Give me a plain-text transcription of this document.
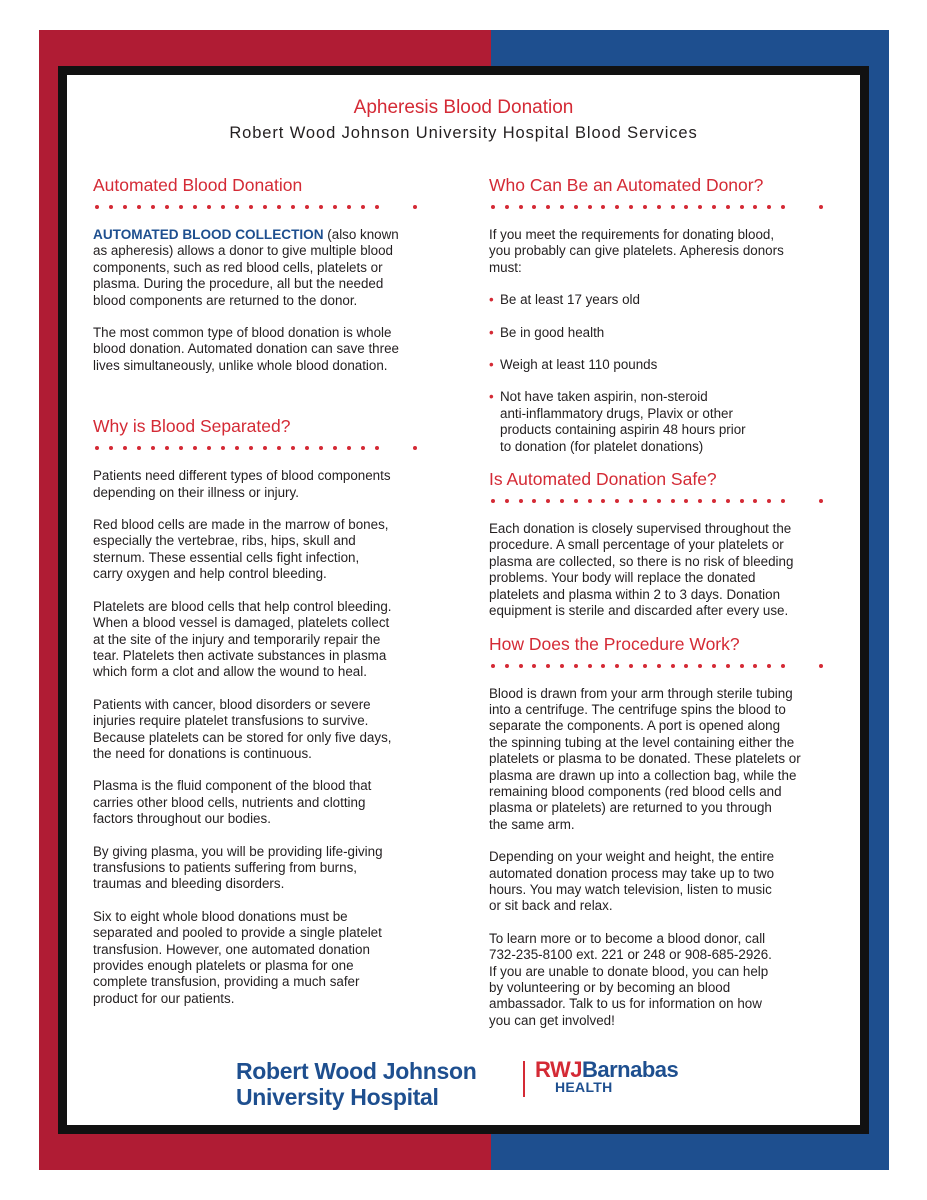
Apheresis Blood Donation
Robert Wood Johnson University Hospital Blood Services
Automated Blood Donation
AUTOMATED BLOOD COLLECTION (also known
as apheresis) allows a donor to give multiple blood
components, such as red blood cells, platelets or
plasma. During the procedure, all but the needed
blood components are returned to the donor.
The most common type of blood donation is whole
blood donation. Automated donation can save three
lives simultaneously, unlike whole blood donation.
Why is Blood Separated?
Patients need different types of blood components
depending on their illness or injury.
Red blood cells are made in the marrow of bones,
especially the vertebrae, ribs, hips, skull and
sternum. These essential cells fight infection,
carry oxygen and help control bleeding.
Platelets are blood cells that help control bleeding.
When a blood vessel is damaged, platelets collect
at the site of the injury and temporarily repair the
tear. Platelets then activate substances in plasma
which form a clot and allow the wound to heal.
Patients with cancer, blood disorders or severe
injuries require platelet transfusions to survive.
Because platelets can be stored for only five days,
the need for donations is continuous.
Plasma is the fluid component of the blood that
carries other blood cells, nutrients and clotting
factors throughout our bodies.
By giving plasma, you will be providing life-giving
transfusions to patients suffering from burns,
traumas and bleeding disorders.
Six to eight whole blood donations must be
separated and pooled to provide a single platelet
transfusion. However, one automated donation
provides enough platelets or plasma for one
complete transfusion, providing a much safer
product for our patients.
Who Can Be an Automated Donor?
If you meet the requirements for donating blood,
you probably can give platelets. Apheresis donors
must:
• Be at least 17 years old
• Be in good health
• Weigh at least 110 pounds
• Not have taken aspirin, non-steroid
anti-inflammatory drugs, Plavix or other
products containing aspirin 48 hours prior
to donation (for platelet donations)
Is Automated Donation Safe?
Each donation is closely supervised throughout the
procedure. A small percentage of your platelets or
plasma are collected, so there is no risk of bleeding
problems. Your body will replace the donated
platelets and plasma within 2 to 3 days. Donation
equipment is sterile and discarded after every use.
How Does the Procedure Work?
Blood is drawn from your arm through sterile tubing
into a centrifuge. The centrifuge spins the blood to
separate the components. A port is opened along
the spinning tubing at the level containing either the
platelets or plasma to be donated. These platelets or
plasma are drawn up into a collection bag, while the
remaining blood components (red blood cells and
plasma or platelets) are returned to you through
the same arm.
Depending on your weight and height, the entire
automated donation process may take up to two
hours. You may watch television, listen to music
or sit back and relax.
To learn more or to become a blood donor, call
732-235-8100 ext. 221 or 248 or 908-685-2926.
If you are unable to donate blood, you can help
by volunteering or by becoming an blood
ambassador. Talk to us for information on how
you can get involved!
Robert Wood Johnson
University Hospital
RWJBarnabas
HEALTH
